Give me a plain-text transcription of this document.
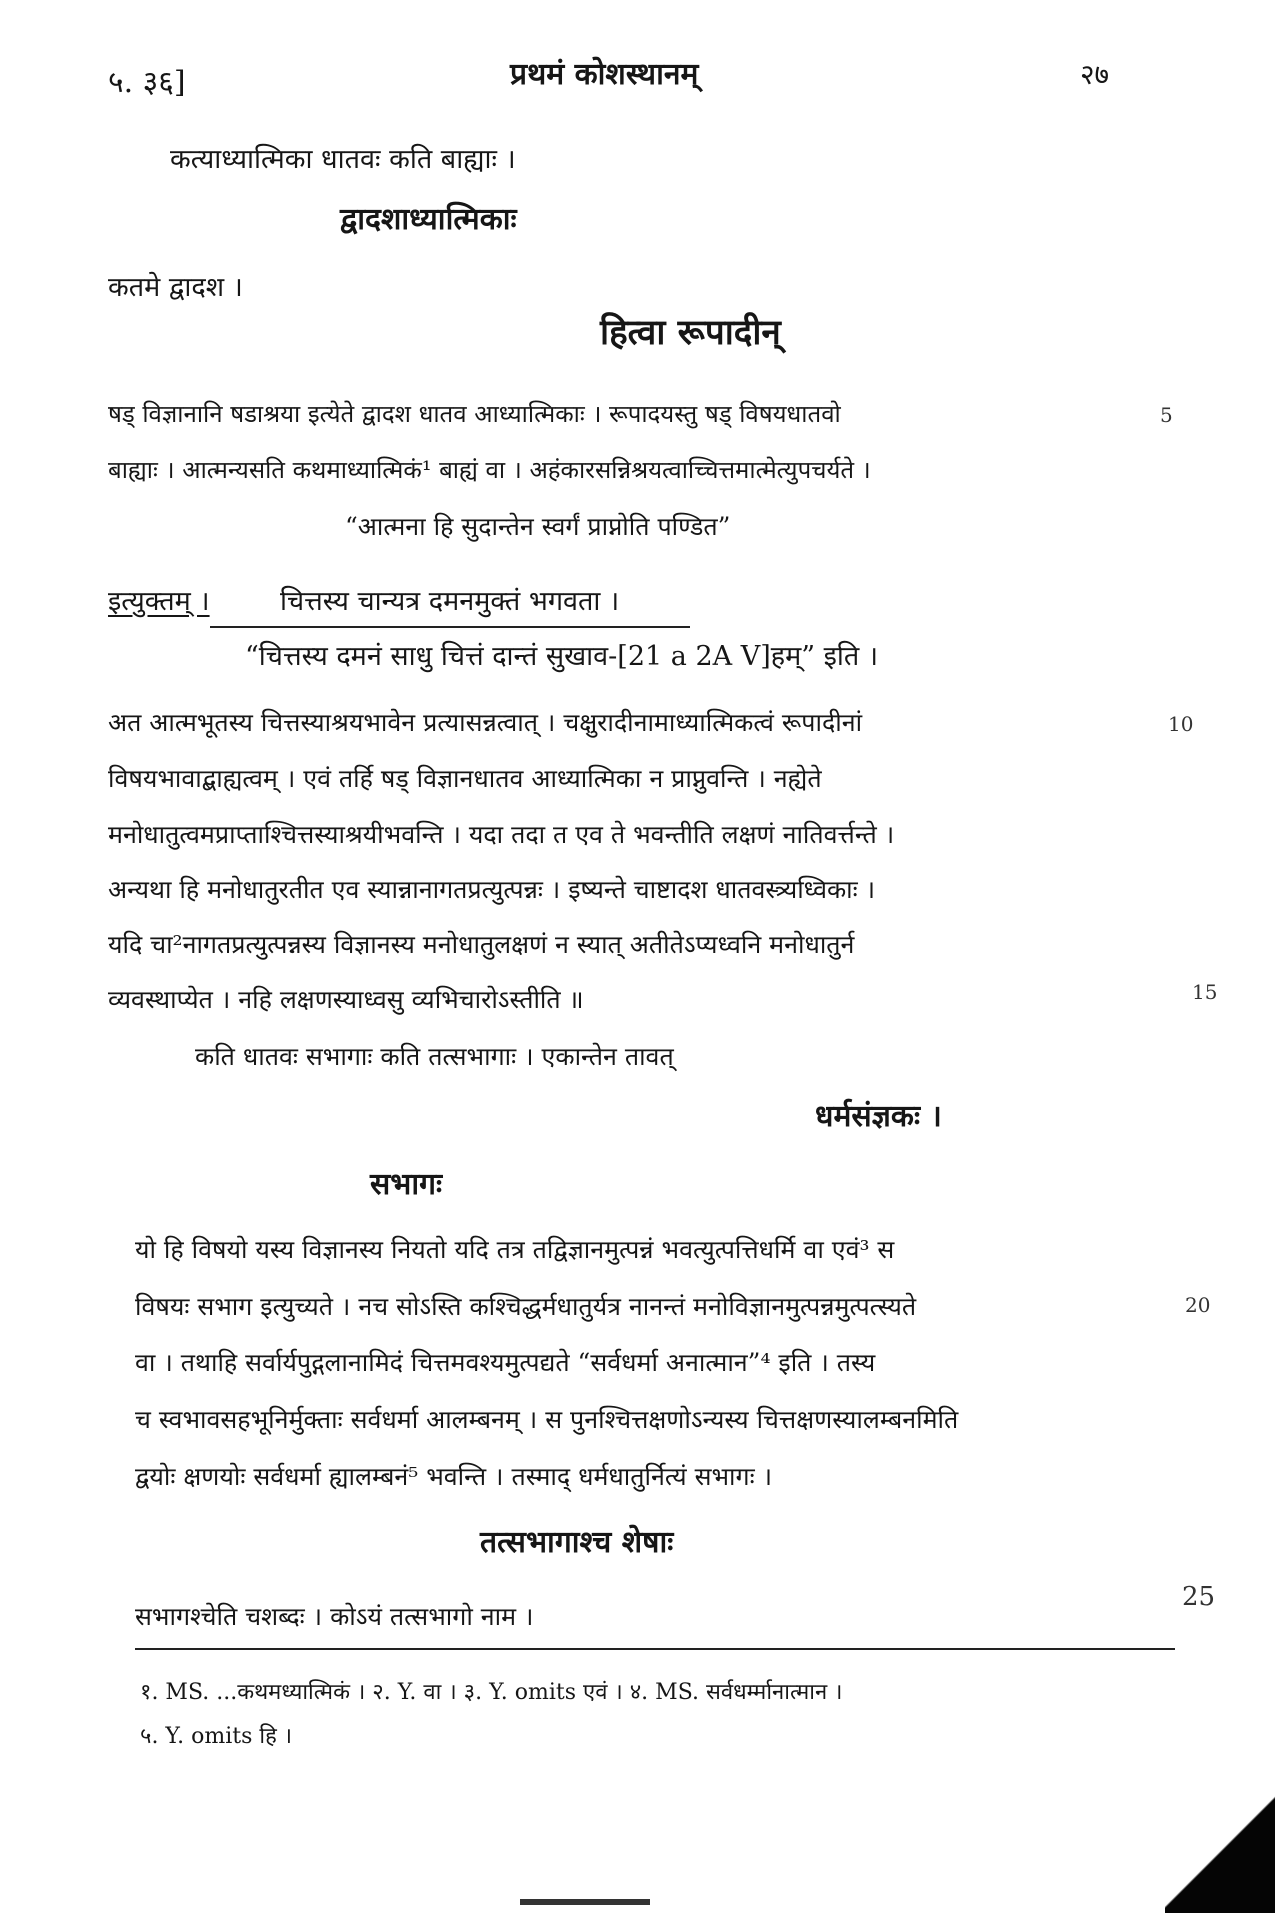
५. ३६]	प्रथमं कोशस्थानम्	२७
कत्याध्यात्मिका धातवः कति बाह्याः ।
द्वादशाध्यात्मिकाः
कतमे द्वादश ।
हित्वा रूपादीन्
षड् विज्ञानानि षडाश्रया इत्येते द्वादश धातव आध्यात्मिकाः । रूपादयस्तु षड् विषयधातवो	5
बाह्याः । आत्मन्यसति कथमाध्यात्मिकं¹ बाह्यं वा । अहंकारसन्निश्रयत्वाच्चित्तमात्मेत्युपचर्यते ।
“आत्मना हि सुदान्तेन स्वर्गं प्राप्नोति पण्डित”
इत्युक्तम् ।	चित्तस्य चान्यत्र दमनमुक्तं भगवता ।
“चित्तस्य दमनं साधु चित्तं दान्तं सुखाव-[21 a 2A V]हम्” इति ।
अत आत्मभूतस्य चित्तस्याश्रयभावेन प्रत्यासन्नत्वात् । चक्षुरादीनामाध्यात्मिकत्वं रूपादीनां	10
विषयभावाद्बाह्यत्वम् । एवं तर्हि षड् विज्ञानधातव आध्यात्मिका न प्राप्नुवन्ति । नह्येते
मनोधातुत्वमप्राप्ताश्चित्तस्याश्रयीभवन्ति । यदा तदा त एव ते भवन्तीति लक्षणं नातिवर्त्तन्ते ।
अन्यथा हि मनोधातुरतीत एव स्यान्नानागतप्रत्युत्पन्नः । इष्यन्ते चाष्टादश धातवस्त्र्यध्विकाः ।
यदि चा²नागतप्रत्युत्पन्नस्य विज्ञानस्य मनोधातुलक्षणं न स्यात् अतीतेऽप्यध्वनि मनोधातुर्न
व्यवस्थाप्येत । नहि लक्षणस्याध्वसु व्यभिचारोऽस्तीति ॥	15
कति धातवः सभागाः कति तत्सभागाः । एकान्तेन तावत्
धर्मसंज्ञकः ।
सभागः
यो हि विषयो यस्य विज्ञानस्य नियतो यदि तत्र तद्विज्ञानमुत्पन्नं भवत्युत्पत्तिधर्मि वा एवं³ स
विषयः सभाग इत्युच्यते । नच सोऽस्ति कश्चिद्धर्मधातुर्यत्र नानन्तं मनोविज्ञानमुत्पन्नमुत्पत्स्यते	20
वा । तथाहि सर्वार्यपुद्गलानामिदं चित्तमवश्यमुत्पद्यते “सर्वधर्मा अनात्मान”⁴ इति । तस्य
च स्वभावसहभूनिर्मुक्ताः सर्वधर्मा आलम्बनम् । स पुनश्चित्तक्षणोऽन्यस्य चित्तक्षणस्यालम्बनमिति
द्वयोः क्षणयोः सर्वधर्मा ह्यालम्बनं⁵ भवन्ति । तस्माद् धर्मधातुर्नित्यं सभागः ।
तत्सभागाश्च शेषाः
सभागश्चेति चशब्दः । कोऽयं तत्सभागो नाम ।
25
१. MS. ...कथमध्यात्मिकं । २. Y. वा । ३. Y. omits एवं । ४. MS. सर्वधर्म्मानात्मान ।
५. Y. omits हि ।
